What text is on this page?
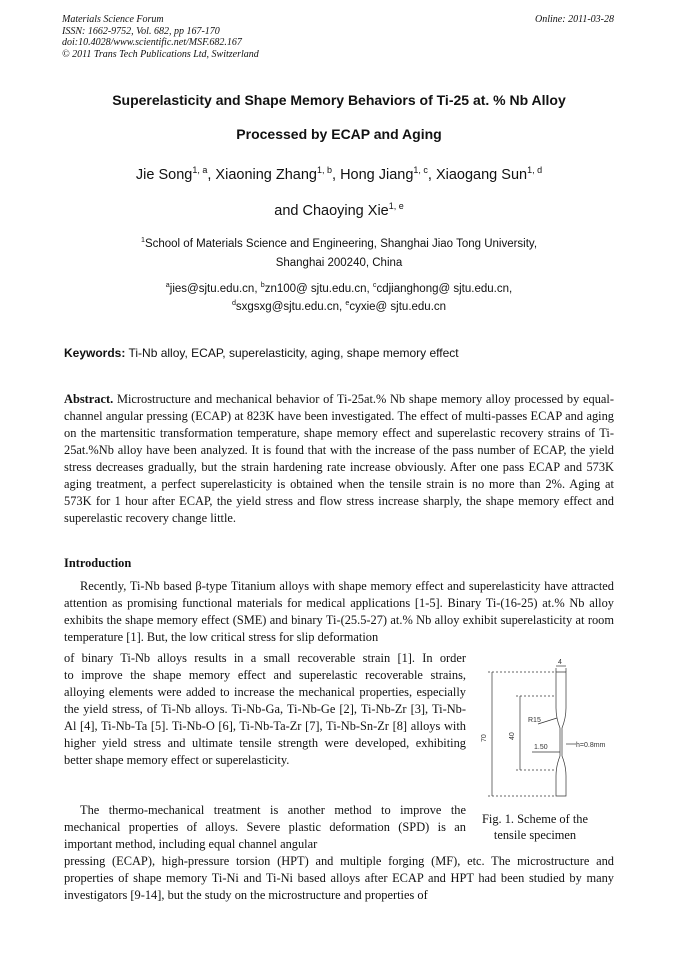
Materials Science Forum
ISSN: 1662-9752, Vol. 682, pp 167-170
doi:10.4028/www.scientific.net/MSF.682.167
© 2011 Trans Tech Publications Ltd, Switzerland
Online: 2011-03-28
Superelasticity and Shape Memory Behaviors of Ti-25 at. % Nb Alloy
Processed by ECAP and Aging
Jie Song$^{1, a}$, Xiaoning Zhang$^{1, b}$, Hong Jiang$^{1, c}$, Xiaogang Sun$^{1, d}$
and Chaoying Xie$^{1, e}$
$^1$School of Materials Science and Engineering, Shanghai Jiao Tong University,
Shanghai 200240, China
$^a$jies@sjtu.edu.cn, $^b$zn100@ sjtu.edu.cn, $^c$cdjianghong@ sjtu.edu.cn,
$^d$sxgsxg@sjtu.edu.cn, $^e$cyxie@ sjtu.edu.cn
Keywords: Ti-Nb alloy, ECAP, superelasticity, aging, shape memory effect

Abstract. Microstructure and mechanical behavior of Ti-25at.% Nb shape memory alloy processed by equal-channel angular pressing (ECAP) at 823K have been investigated. The effect of multi-passes ECAP and aging on the martensitic transformation temperature, shape memory effect and superelastic recovery strains of Ti-25at.%Nb alloy have been analyzed. It is found that with the increase of the pass number of ECAP, the yield stress decreases gradually, but the strain hardening rate increase obviously. After one pass ECAP and 573K aging treatment, a perfect superelasticity is obtained when the tensile strain is no more than 2%. Aging at 573K for 1 hour after ECAP, the yield stress and flow stress increase sharply, the shape memory effect and superelastic recovery change little.

Introduction

Recently, Ti-Nb based β-type Titanium alloys with shape memory effect and superelasticity have attracted attention as promising functional materials for medical applications [1-5]. Binary Ti-(16-25) at.% Nb alloy exhibits the shape memory effect (SME) and binary Ti-(25.5-27) at.% Nb alloy exhibit superelasticity at room temperature [1]. But, the low critical stress for slip deformation

of binary Ti-Nb alloys results in a small recoverable strain [1]. In order

to improve the shape memory effect and superelastic recoverable strains, alloying elements were added to increase the mechanical properties, especially the yield stress, of Ti-Nb alloys. Ti-Nb-Ga, Ti-Nb-Ge [2], Ti-Nb-Zr [3], Ti-Nb-Al [4], Ti-Nb-Ta [5]. Ti-Nb-O [6], Ti-Nb-Ta-Zr [7], Ti-Nb-Sn-Zr [8] alloys with higher yield stress and ultimate tensile strength were developed, exhibiting better shape memory effect or superelasticity.

The thermo-mechanical treatment is another method to improve the mechanical properties of alloys. Severe plastic deformation (SPD) is an important method, including equal channel angular

pressing (ECAP), high-pressure torsion (HPT) and multiple forging (MF), etc. The microstructure and properties of shape memory Ti-Ni and Ti-Ni based alloys after ECAP and HPT had been studied by many investigators [9-14], but the study on the microstructure and properties of

4
70	40
R15
1.50	h=0.8mm
Fig. 1. Scheme of the
tensile specimen
